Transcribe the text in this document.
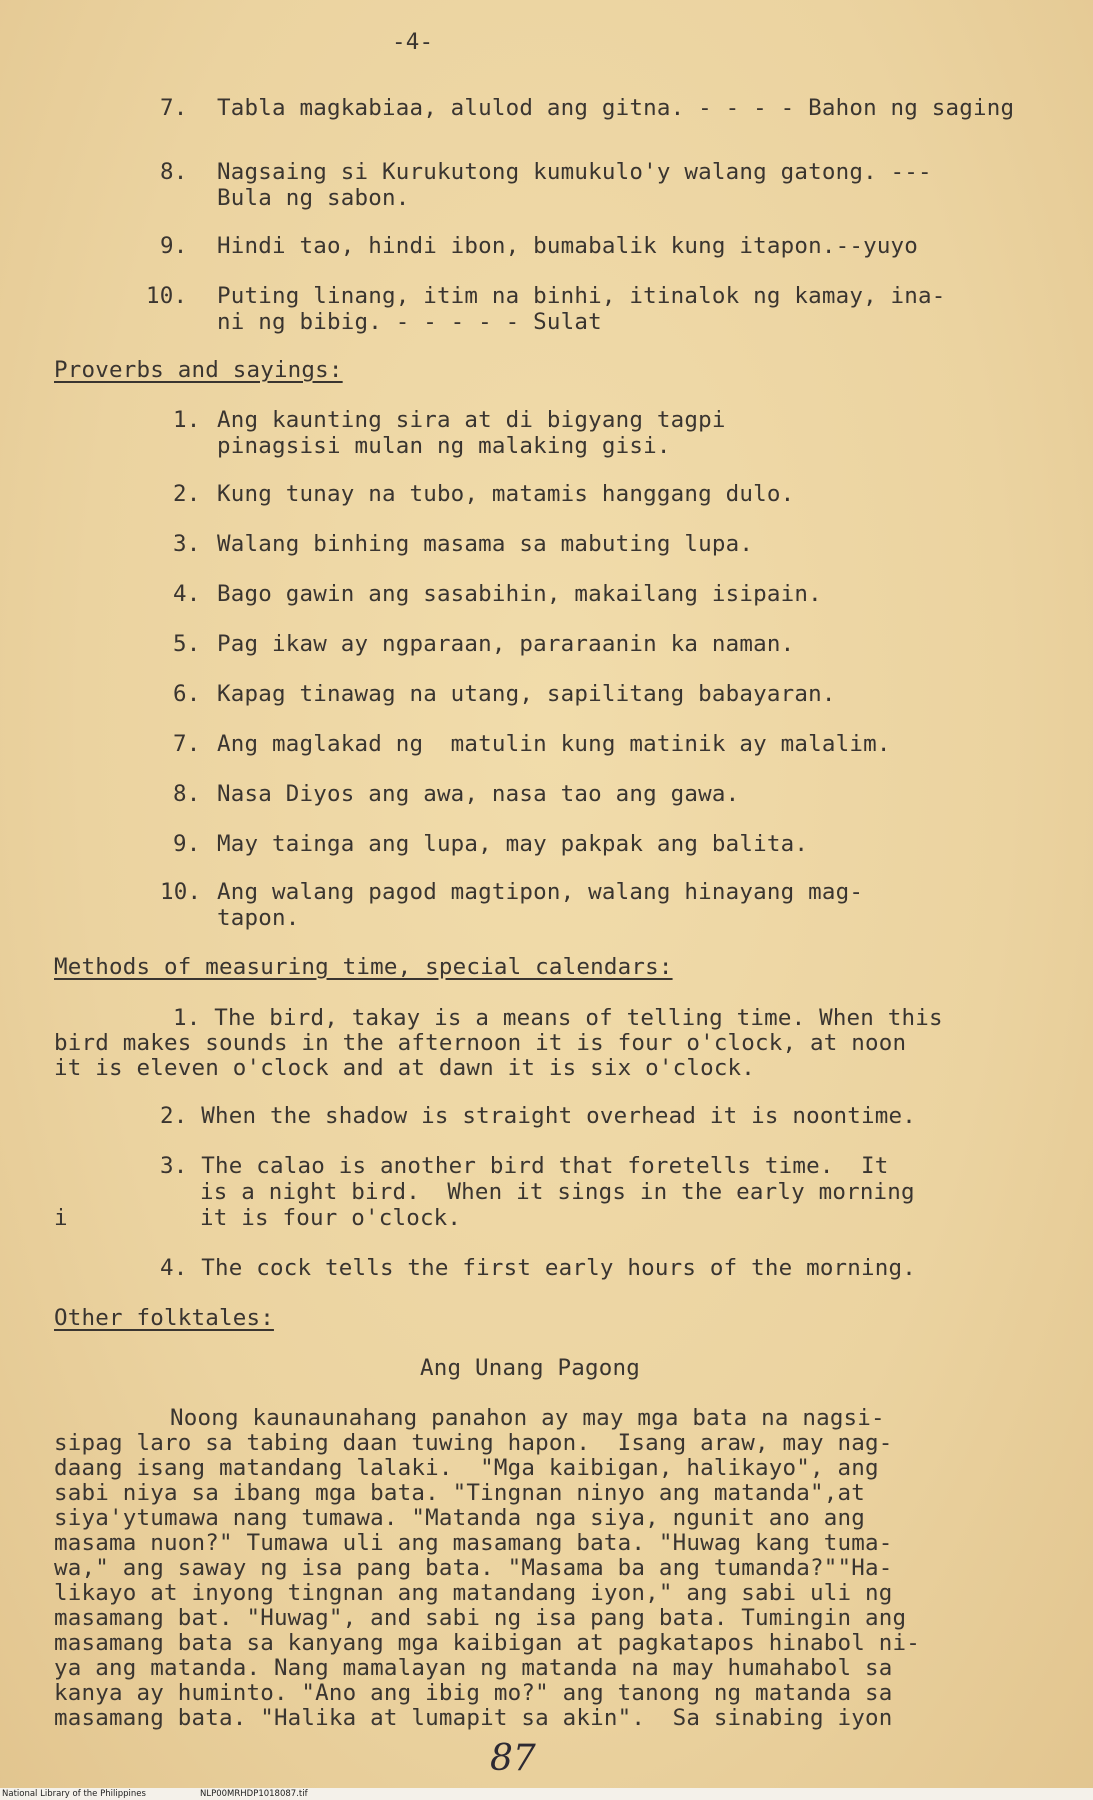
-4-
7. Tabla magkabiaa, alulod ang gitna. - - - - Bahon ng saging
8. Nagsaing si Kurukutong kumukulo'y walang gatong. ---
Bula ng sabon.
9. Hindi tao, hindi ibon, bumabalik kung itapon.--yuyo
10. Puting linang, itim na binhi, itinalok ng kamay, ina-
ni ng bibig. - - - - - Sulat
Proverbs and sayings:
1. Ang kaunting sira at di bigyang tagpi
pinagsisi mulan ng malaking gisi.
2. Kung tunay na tubo, matamis hanggang dulo.
3. Walang binhing masama sa mabuting lupa.
4. Bago gawin ang sasabihin, makailang isipain.
5. Pag ikaw ay ngparaan, pararaanin ka naman.
6. Kapag tinawag na utang, sapilitang babayaran.
7. Ang maglakad ng  matulin kung matinik ay malalim.
8. Nasa Diyos ang awa, nasa tao ang gawa.
9. May tainga ang lupa, may pakpak ang balita.
10. Ang walang pagod magtipon, walang hinayang mag-
tapon.
Methods of measuring time, special calendars:
1. The bird, takay is a means of telling time. When this
bird makes sounds in the afternoon it is four o'clock, at noon
it is eleven o'clock and at dawn it is six o'clock.
2. When the shadow is straight overhead it is noontime.
3. The calao is another bird that foretells time.  It
is a night bird.  When it sings in the early morning
i	it is four o'clock.
4. The cock tells the first early hours of the morning.
Other folktales:
Ang Unang Pagong
Noong kaunaunahang panahon ay may mga bata na nagsi-
sipag laro sa tabing daan tuwing hapon.  Isang araw, may nag-
daang isang matandang lalaki.  "Mga kaibigan, halikayo", ang
sabi niya sa ibang mga bata. "Tingnan ninyo ang matanda",at
siya'ytumawa nang tumawa. "Matanda nga siya, ngunit ano ang
masama nuon?" Tumawa uli ang masamang bata. "Huwag kang tuma-
wa," ang saway ng isa pang bata. "Masama ba ang tumanda?""Ha-
likayo at inyong tingnan ang matandang iyon," ang sabi uli ng
masamang bat. "Huwag", and sabi ng isa pang bata. Tumingin ang
masamang bata sa kanyang mga kaibigan at pagkatapos hinabol ni-
ya ang matanda. Nang mamalayan ng matanda na may humahabol sa
kanya ay huminto. "Ano ang ibig mo?" ang tanong ng matanda sa
masamang bata. "Halika at lumapit sa akin".  Sa sinabing iyon
87
National Library of the Philippines	NLP00MRHDP1018087.tif
